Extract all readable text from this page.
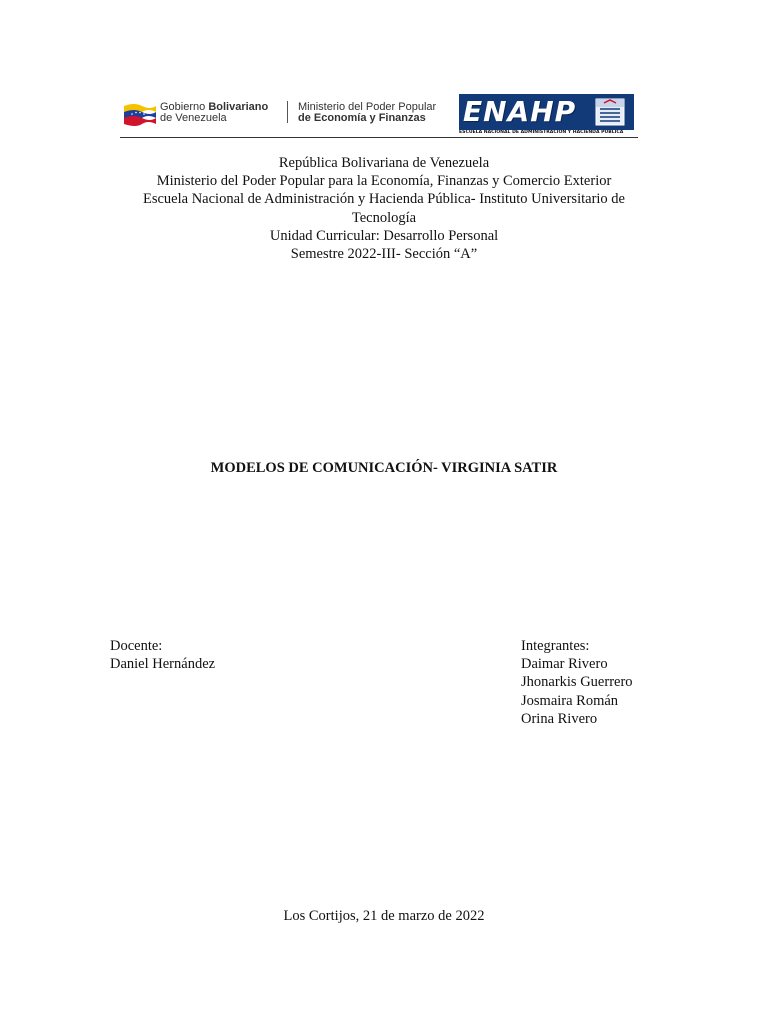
Gobierno Bolivariano
de Venezuela
Ministerio del Poder Popular
de Economía y Finanzas ENAHP
ESCUELA NACIONAL DE ADMINISTRACIÓN Y HACIENDA PÚBLICA
República Bolivariana de Venezuela
Ministerio del Poder Popular para la Economía, Finanzas y Comercio Exterior
Escuela Nacional de Administración y Hacienda Pública- Instituto Universitario de
Tecnología
Unidad Curricular: Desarrollo Personal
Semestre 2022-III- Sección “A”
MODELOS DE COMUNICACIÓN- VIRGINIA SATIR
Docente:
Daniel Hernández
Integrantes:
Daimar Rivero
Jhonarkis Guerrero
Josmaira Román
Orina Rivero
Los Cortijos, 21 de marzo de 2022
